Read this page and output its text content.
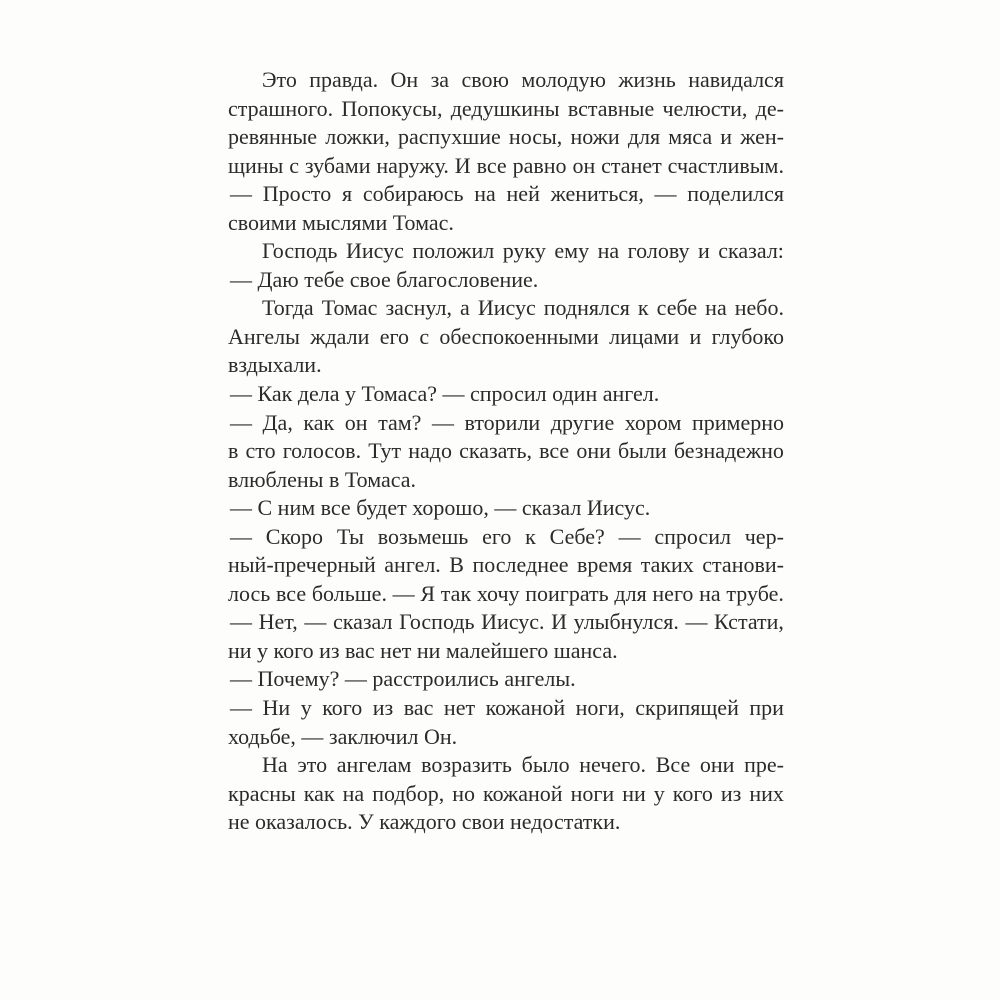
Это правда. Он за свою молодую жизнь навидался
страшного. Попокусы, дедушкины вставные челюсти, де-
ревянные ложки, распухшие носы, ножи для мяса и жен-
щины с зубами наружу. И все равно он станет счастливым.
— Просто я собираюсь на ней жениться, — поделился
своими мыслями Томас.
Господь Иисус положил руку ему на голову и сказал:
— Даю тебе свое благословение.
Тогда Томас заснул, а Иисус поднялся к себе на небо.
Ангелы ждали его с обеспокоенными лицами и глубоко
вздыхали.
— Как дела у Томаса? — спросил один ангел.
— Да, как он там? — вторили другие хором примерно
в сто голосов. Тут надо сказать, все они были безнадежно
влюблены в Томаса.
— С ним все будет хорошо, — сказал Иисус.
— Скоро Ты возьмешь его к Себе? — спросил чер-
ный-пречерный ангел. В последнее время таких станови-
лось все больше. — Я так хочу поиграть для него на трубе.
— Нет, — сказал Господь Иисус. И улыбнулся. — Кстати,
ни у кого из вас нет ни малейшего шанса.
— Почему? — расстроились ангелы.
— Ни у кого из вас нет кожаной ноги, скрипящей при
ходьбе, — заключил Он.
На это ангелам возразить было нечего. Все они пре-
красны как на подбор, но кожаной ноги ни у кого из них
не оказалось. У каждого свои недостатки.
